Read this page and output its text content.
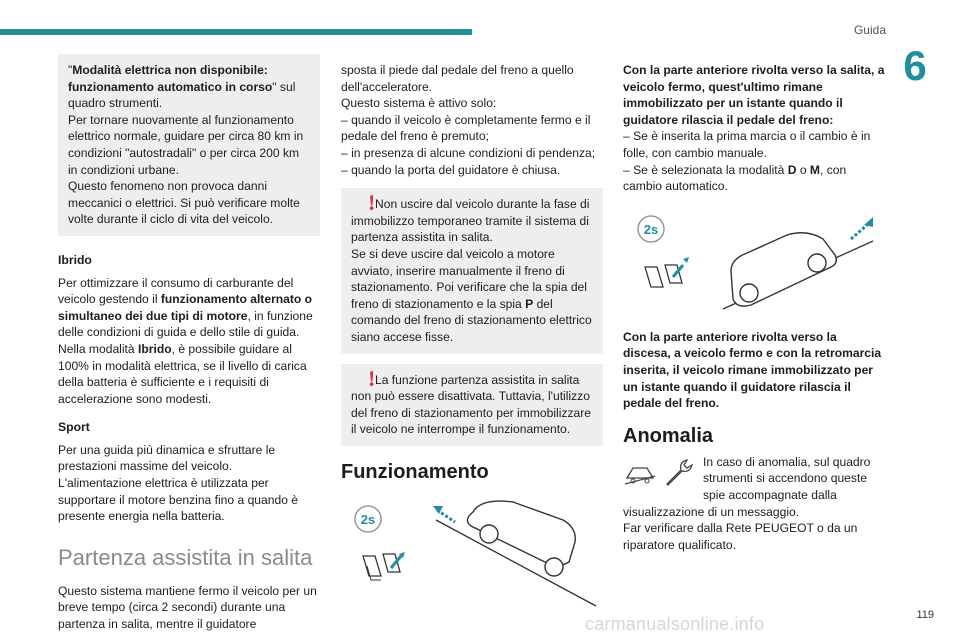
Guida
6

"Modalità elettrica non disponibile: funzionamento automatico in corso" sul quadro strumenti.

Per tornare nuovamente al funzionamento elettrico normale, guidare per circa 80 km in condizioni "autostradali" o per circa 200 km in condizioni urbane.

Questo fenomeno non provoca danni meccanici o elettrici. Si può verificare molte volte durante il ciclo di vita del veicolo.

Ibrido

Per ottimizzare il consumo di carburante del veicolo gestendo il funzionamento alternato o simultaneo dei due tipi di motore, in funzione delle condizioni di guida e dello stile di guida.

Nella modalità Ibrido, è possibile guidare al 100% in modalità elettrica, se il livello di carica della batteria è sufficiente e i requisiti di accelerazione sono modesti.

Sport

Per una guida più dinamica e sfruttare le prestazioni massime del veicolo.

L'alimentazione elettrica è utilizzata per supportare il motore benzina fino a quando è presente energia nella batteria.

Partenza assistita in salita

Questo sistema mantiene fermo il veicolo per un breve tempo (circa 2 secondi) durante una partenza in salita, mentre il guidatore

sposta il piede dal pedale del freno a quello dell'acceleratore.

Questo sistema è attivo solo:

– quando il veicolo è completamente fermo e il pedale del freno è premuto;

– in presenza di alcune condizioni di pendenza;

– quando la porta del guidatore è chiusa.

! Non uscire dal veicolo durante la fase di immobilizzo temporaneo tramite il sistema di partenza assistita in salita.

Se si deve uscire dal veicolo a motore avviato, inserire manualmente il freno di stazionamento. Poi verificare che la spia del freno di stazionamento e la spia P del comando del freno di stazionamento elettrico siano accese fisse.

! La funzione partenza assistita in salita non può essere disattivata. Tuttavia, l'utilizzo del freno di stazionamento per immobilizzare il veicolo ne interrompe il funzionamento.

Funzionamento
2s

Con la parte anteriore rivolta verso la salita, a veicolo fermo, quest'ultimo rimane immobilizzato per un istante quando il guidatore rilascia il pedale del freno:

– Se è inserita la prima marcia o il cambio è in folle, con cambio manuale.

– Se è selezionata la modalità D o M, con cambio automatico.

2s

Con la parte anteriore rivolta verso la discesa, a veicolo fermo e con la retromarcia inserita, il veicolo rimane immobilizzato per un istante quando il guidatore rilascia il pedale del freno.

Anomalia

In caso di anomalia, sul quadro strumenti si accendono queste spie accompagnate dalla visualizzazione di un messaggio.

Far verificare dalla Rete PEUGEOT o da un riparatore qualificato.

carmanualsonline.info	119
